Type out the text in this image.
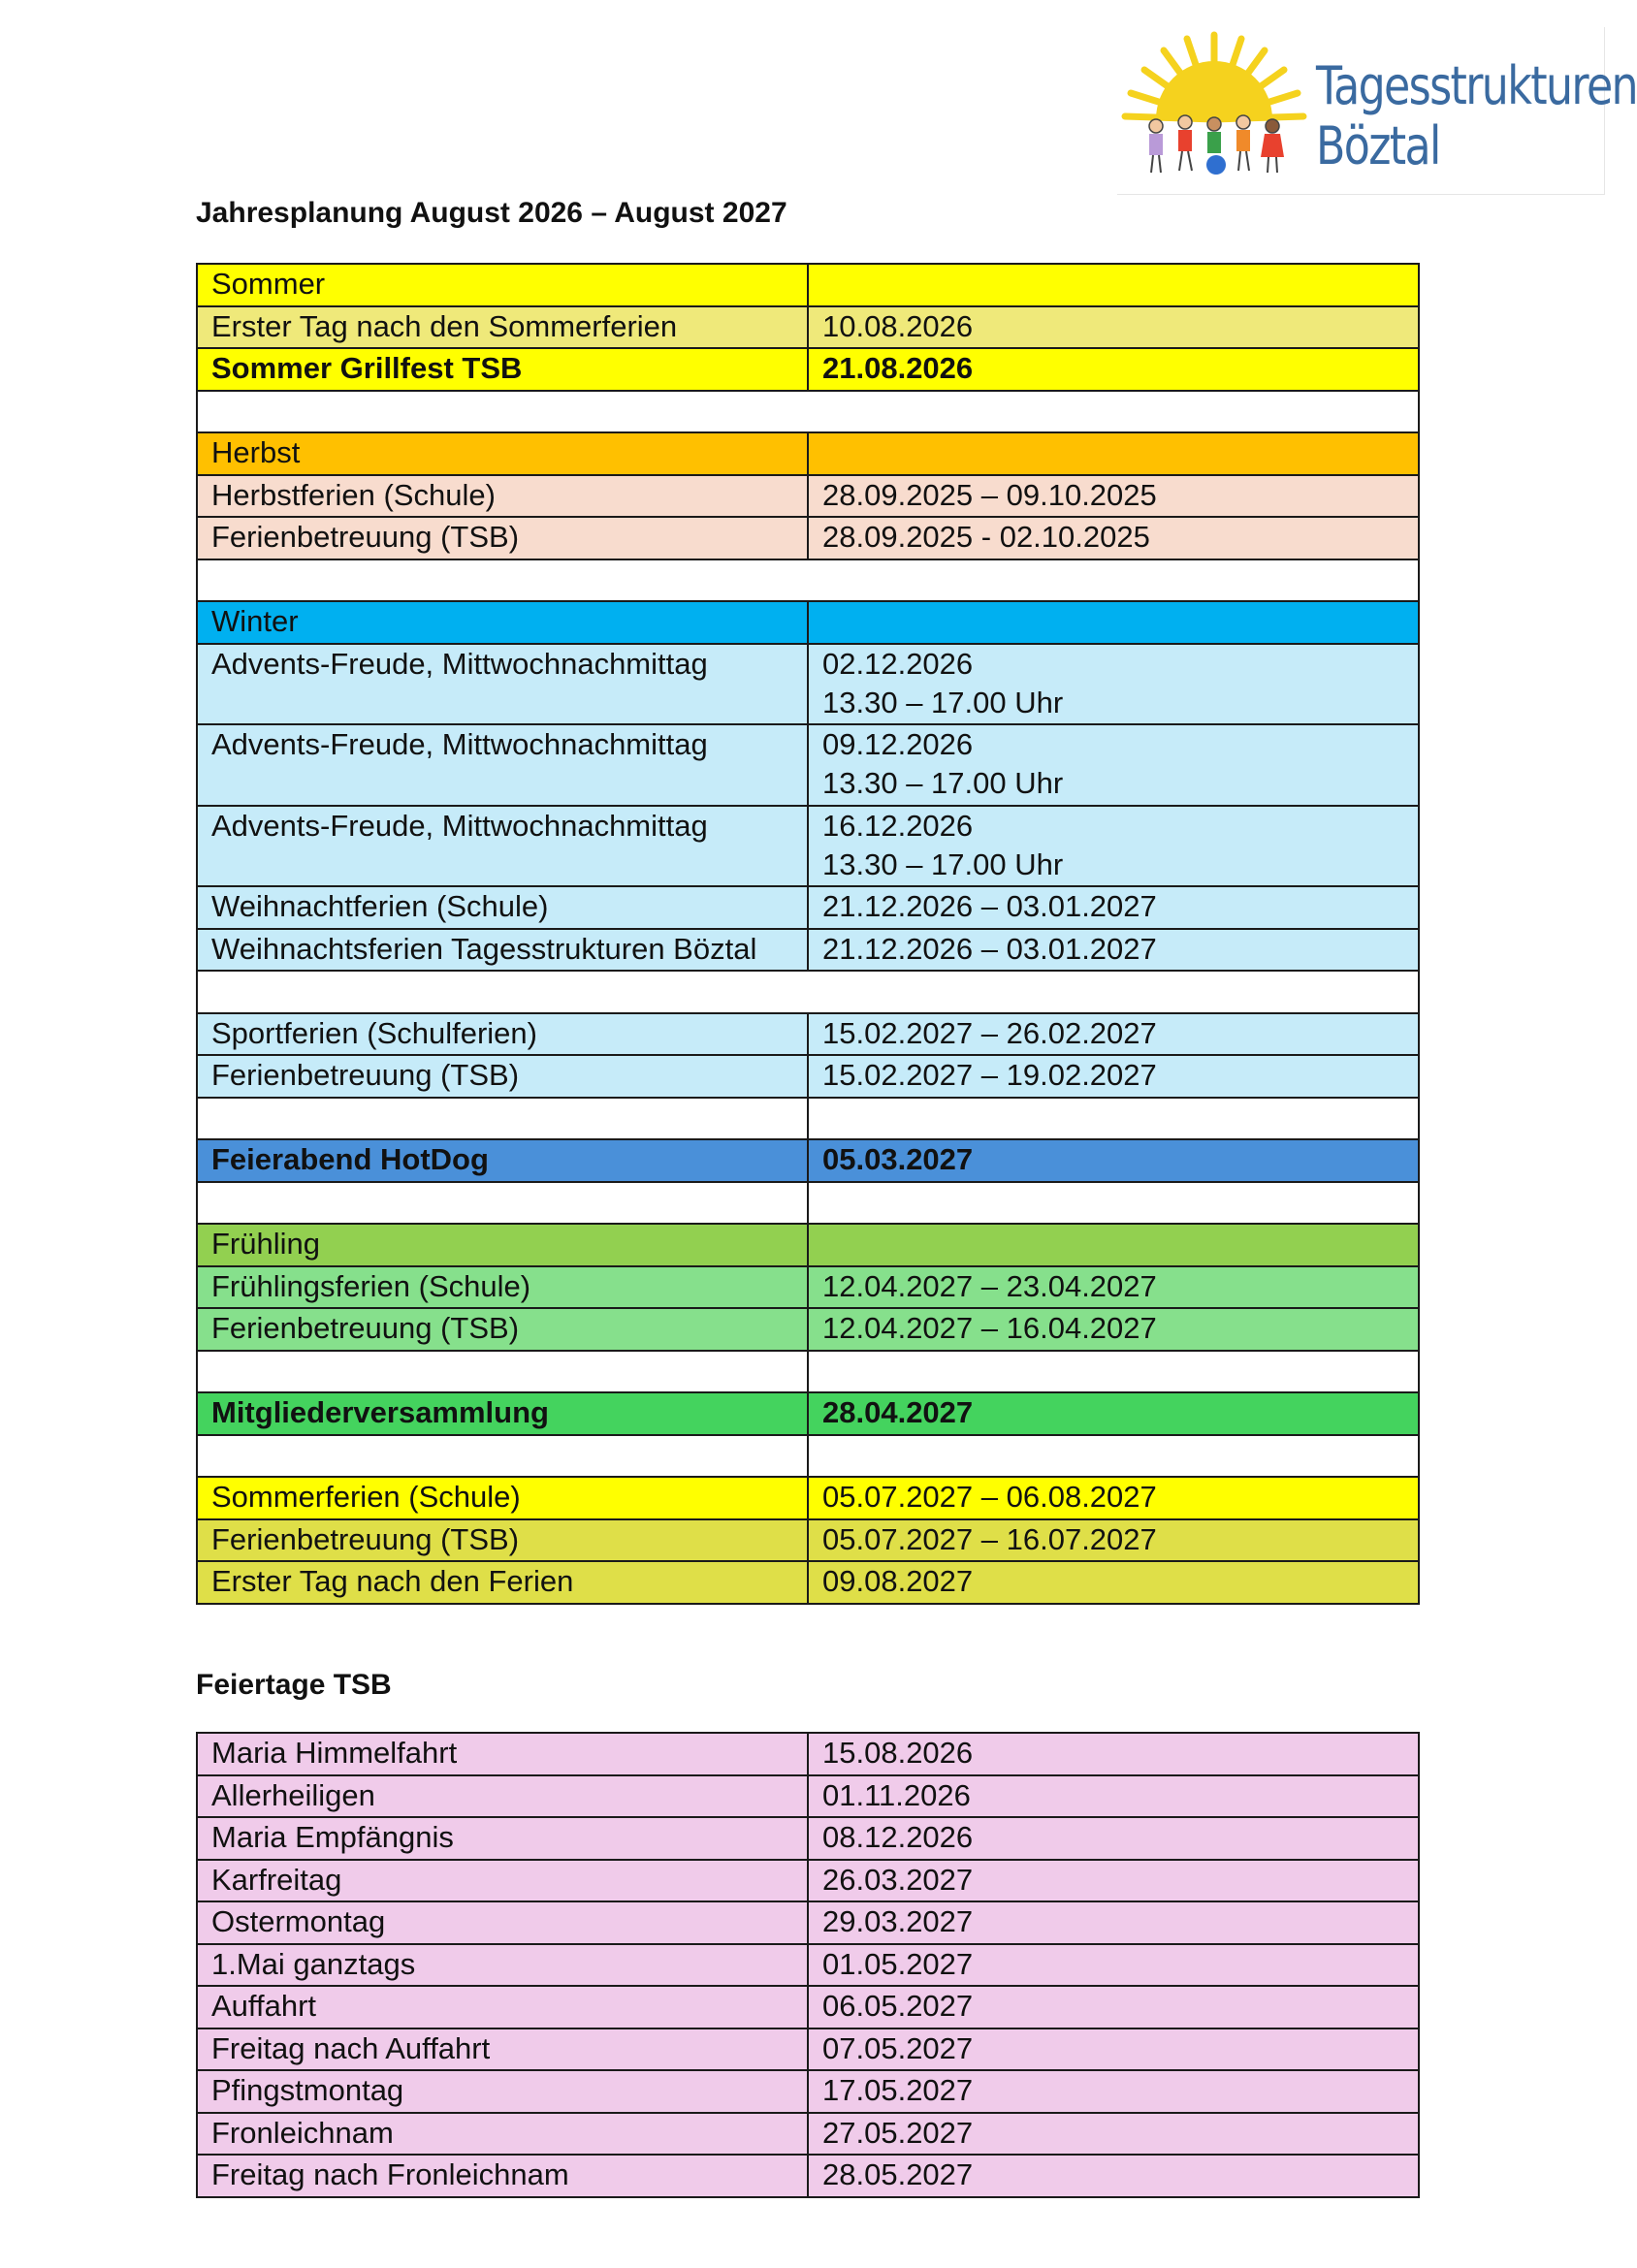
Tagesstrukturen
Böztal
Jahresplanung August 2026 – August 2027
Sommer	
Erster Tag nach den Sommerferien	10.08.2026

Sommer Grillfest TSB	21.08.2026

Herbst	
Herbstferien (Schule)	28.09.2025 – 09.10.2025

Ferienbetreuung (TSB)	28.09.2025 - 02.10.2025

Winter	
Advents-Freude, Mittwochnachmittag	02.12.2026
13.30 – 17.00 Uhr

Advents-Freude, Mittwochnachmittag	09.12.2026
13.30 – 17.00 Uhr

Advents-Freude, Mittwochnachmittag	16.12.2026
13.30 – 17.00 Uhr

Weihnachtferien (Schule)	21.12.2026 – 03.01.2027

Weihnachtsferien Tagesstrukturen Böztal	21.12.2026 – 03.01.2027

Sportferien (Schulferien)	15.02.2027 – 26.02.2027

Ferienbetreuung (TSB)	15.02.2027 – 19.02.2027

Feierabend HotDog	05.03.2027

Frühling	
Frühlingsferien (Schule)	12.04.2027 – 23.04.2027

Ferienbetreuung (TSB)	12.04.2027 – 16.04.2027

Mitgliederversammlung	28.04.2027

Sommerferien (Schule)	05.07.2027 – 06.08.2027

Ferienbetreuung (TSB)	05.07.2027 – 16.07.2027

Erster Tag nach den Ferien	09.08.2027
Feiertage TSB
Maria Himmelfahrt	15.08.2026
Allerheiligen	01.11.2026
Maria Empfängnis	08.12.2026
Karfreitag	26.03.2027
Ostermontag	29.03.2027
1.Mai ganztags	01.05.2027
Auffahrt	06.05.2027
Freitag nach Auffahrt	07.05.2027
Pfingstmontag	17.05.2027
Fronleichnam	27.05.2027
Freitag nach Fronleichnam	28.05.2027
